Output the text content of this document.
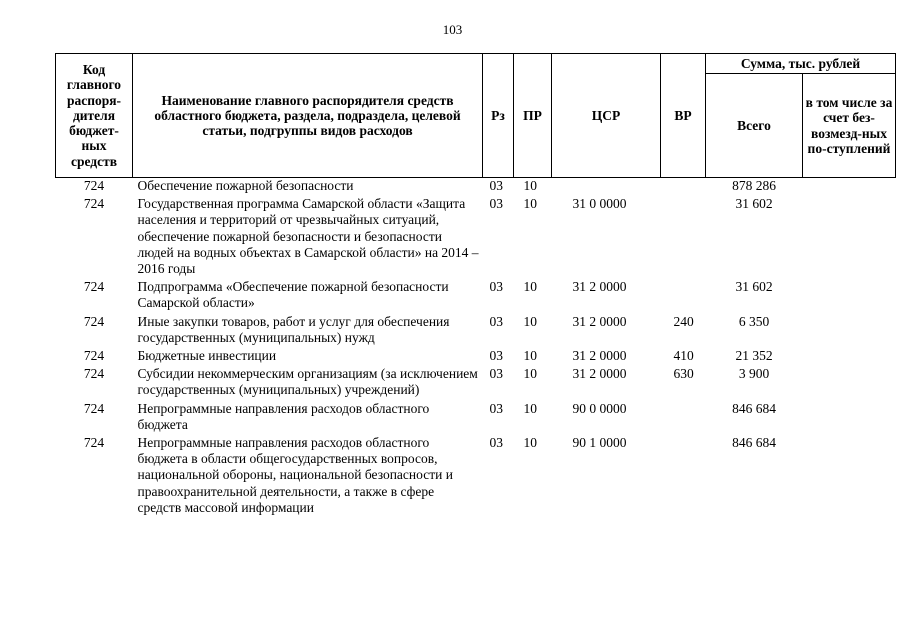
103
Код главного распоря-дителя бюджет-ных средств	Наименование главного распорядителя средств областного бюджета, раздела, подраздела, целевой статьи, подгруппы видов расходов	Рз	ПР	ЦСР	ВР	Сумма, тыс. рублей	
						Всего	в том числе за счет без-возмезд-ных по-ступлений
724	Обеспечение пожарной безопасности	03	10			878 286	
724	Государственная программа Самарской области «Защита населения и территорий от чрезвычайных ситуаций, обеспечение пожарной безопасности и безопасности людей на водных объектах в Самарской области» на 2014 – 2016 годы	03	10	31 0 0000		31 602	
724	Подпрограмма «Обеспечение пожарной безопасности Самарской области»	03	10	31 2 0000		31 602	
724	Иные закупки товаров, работ и услуг для обеспечения государственных (муниципальных) нужд	03	10	31 2 0000	240	6 350	
724	Бюджетные инвестиции	03	10	31 2 0000	410	21 352	
724	Субсидии некоммерческим организациям (за исключением государственных (муниципальных) учреждений)	03	10	31 2 0000	630	3 900	
724	Непрограммные направления расходов областного бюджета	03	10	90 0 0000		846 684	
724	Непрограммные направления расходов областного бюджета в области общегосударственных вопросов, национальной обороны, национальной безопасности и правоохранительной деятельности, а также в сфере средств массовой информации	03	10	90 1 0000		846 684	
